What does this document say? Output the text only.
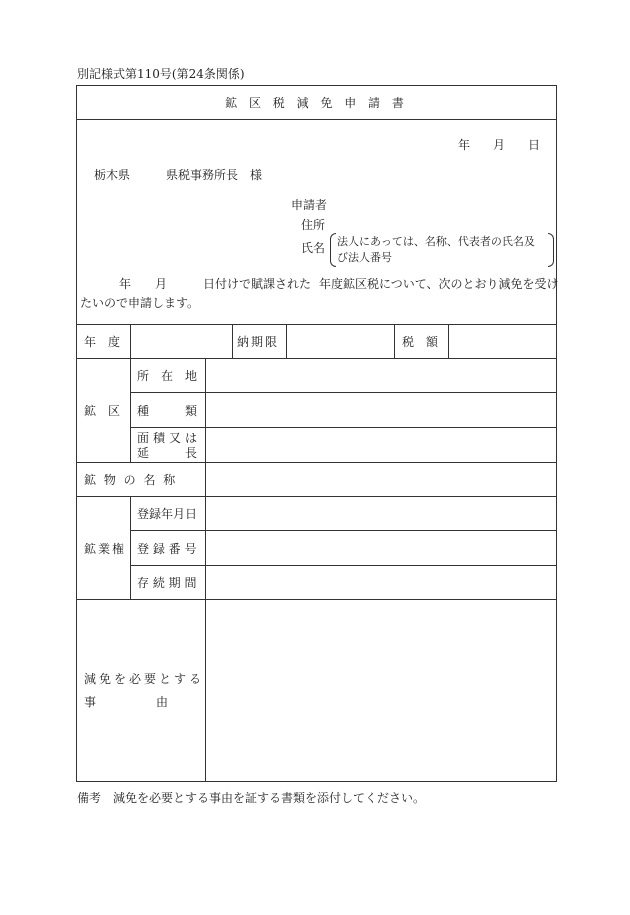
別記様式第110号(第24条関係)
鉱 区 税 減 免 申 請 書
年 月 日
栃木県	県税事務所長 様
申請者
住所
氏名 法人にあっては、名称、代表者の氏名及
び法人番号
年 月	日付けで賦課された 年度鉱区税について、次のとおり減免を受け
たいので申請します。
年　度	納期限	税　額
鉱　区
所　在　地
種　　　類
面積又は
延　　　長
鉱 物 の 名 称
鉱業権
登録年月日
登 録 番 号
存 続 期 間
減免を必要とする
事　　　　　由
備考　減免を必要とする事由を証する書類を添付してください。
